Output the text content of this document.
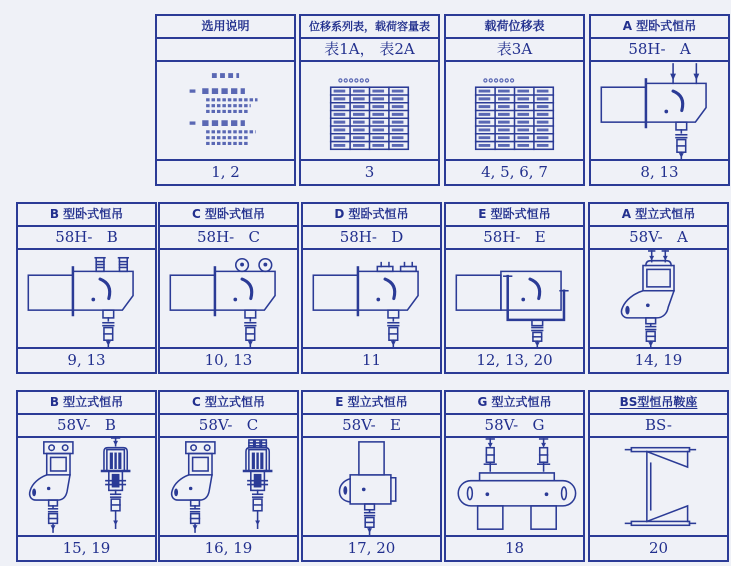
选用说明
1, 2
位移系列表，载荷容量表
表1A， 表2A
3
载荷位移表
表3A
4, 5, 6, 7
A 型卧式恒吊
58H-   A
8, 13
B 型卧式恒吊
58H-   B
9, 13
C 型卧式恒吊
58H-   C
10, 13
D 型卧式恒吊
58H-   D
11
E 型卧式恒吊
58H-   E
12, 13, 20
A 型立式恒吊
58V-   A
14, 19
B 型立式恒吊
58V-   B
15, 19
C 型立式恒吊
58V-   C
16, 19
E 型立式恒吊
58V-   E
17, 20
G 型立式恒吊
58V-   G
18
BS型恒吊鞍座
BS-
20
